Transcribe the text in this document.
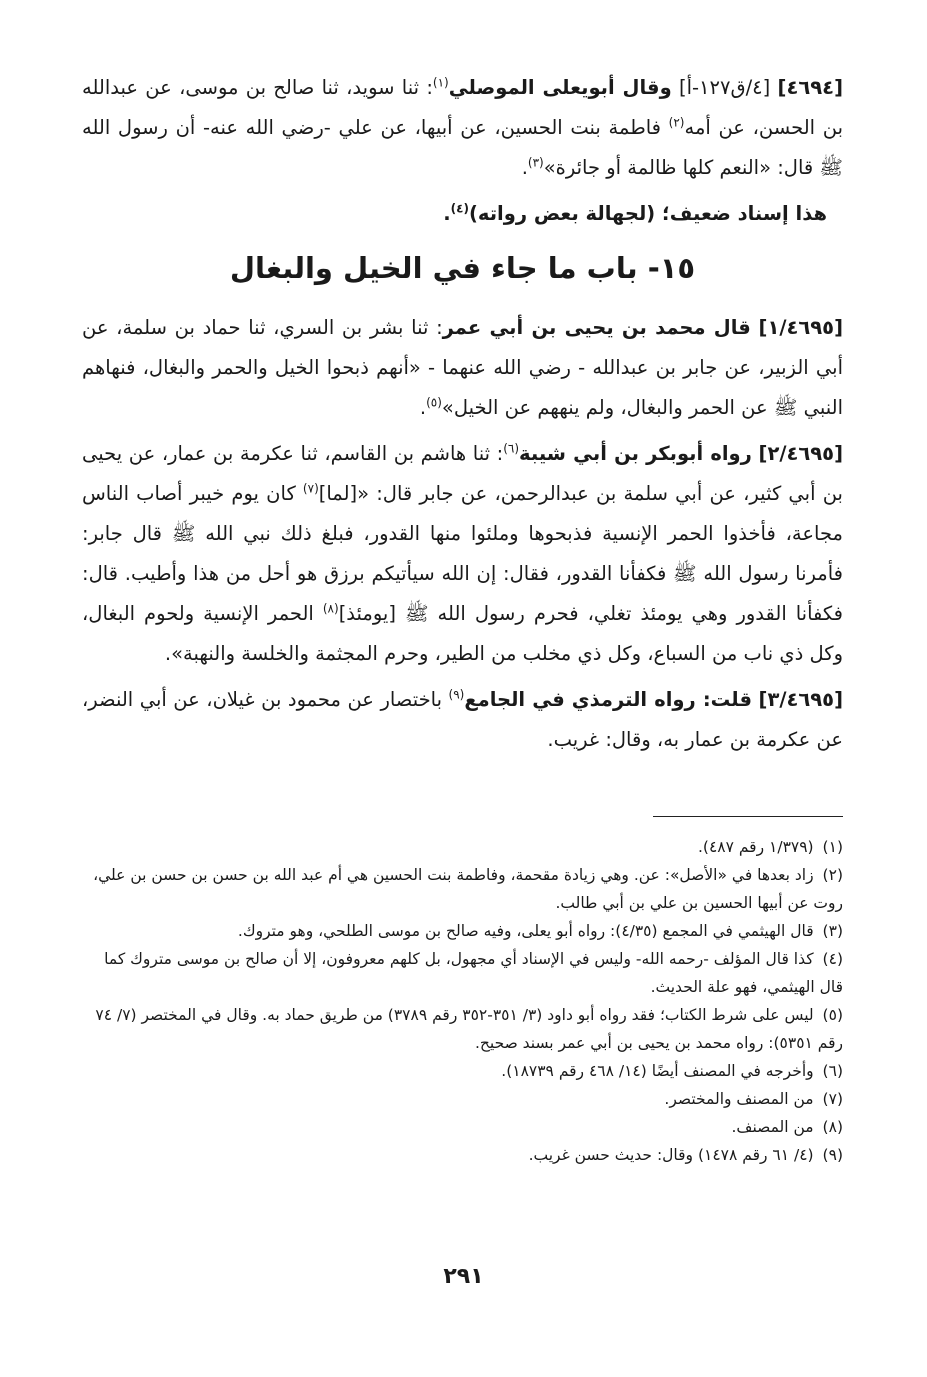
[٤٦٩٤] [٤/ق١٢٧-أ] وقال أبويعلى الموصلي$^{(١)}$: ثنا سويد، ثنا صالح بن موسى، عن عبدالله بن الحسن، عن أمه$^{(٢)}$ فاطمة بنت الحسين، عن أبيها، عن علي -رضي الله عنه- أن رسول الله ﷺ قال: «النعم كلها ظالمة أو جائرة»$^{(٣)}$.

هذا إسناد ضعيف؛ (لجهالة بعض رواته)$^{(٤)}$.

١٥- باب ما جاء في الخيل والبغال

[١/٤٦٩٥] قال محمد بن يحيى بن أبي عمر: ثنا بشر بن السري، ثنا حماد بن سلمة، عن أبي الزبير، عن جابر بن عبدالله - رضي الله عنهما - «أنهم ذبحوا الخيل والحمر والبغال، فنهاهم النبي ﷺ عن الحمر والبغال، ولم ينههم عن الخيل»$^{(٥)}$.

[٢/٤٦٩٥] رواه أبوبكر بن أبي شيبة$^{(٦)}$: ثنا هاشم بن القاسم، ثنا عكرمة بن عمار، عن يحيى بن أبي كثير، عن أبي سلمة بن عبدالرحمن، عن جابر قال: «[لما]$^{(٧)}$ كان يوم خيبر أصاب الناس مجاعة، فأخذوا الحمر الإنسية فذبحوها وملئوا منها القدور، فبلغ ذلك نبي الله ﷺ قال جابر: فأمرنا رسول الله ﷺ فكفأنا القدور، فقال: إن الله سيأتيكم برزق هو أحل من هذا وأطيب. قال: فكفأنا القدور وهي يومئذ تغلي، فحرم رسول الله ﷺ [يومئذ]$^{(٨)}$ الحمر الإنسية ولحوم البغال، وكل ذي ناب من السباع، وكل ذي مخلب من الطير، وحرم المجثمة والخلسة والنهبة».

[٣/٤٦٩٥] قلت: رواه الترمذي في الجامع$^{(٩)}$ باختصار عن محمود بن غيلان، عن أبي النضر، عن عكرمة بن عمار به، وقال: غريب.

(١) (١/٣٧٩ رقم ٤٨٧).
(٢) زاد بعدها في «الأصل»: عن. وهي زيادة مقحمة، وفاطمة بنت الحسين هي أم عبد الله بن حسن بن حسن بن علي، روت عن أبيها الحسين بن علي بن أبي طالب.
(٣) قال الهيثمي في المجمع (٤/٣٥): رواه أبو يعلى، وفيه صالح بن موسى الطلحي، وهو متروك.
(٤) كذا قال المؤلف -رحمه الله- وليس في الإسناد أي مجهول، بل كلهم معروفون، إلا أن صالح بن موسى متروك كما قال الهيثمي، فهو علة الحديث.
(٥) ليس على شرط الكتاب؛ فقد رواه أبو داود (٣/ ٣٥١-٣٥٢ رقم ٣٧٨٩) من طريق حماد به. وقال في المختصر (٧/ ٧٤ رقم ٥٣٥١): رواه محمد بن يحيى بن أبي عمر بسند صحيح.
(٦) وأخرجه في المصنف أيضًا (١٤/ ٤٦٨ رقم ١٨٧٣٩).
(٧) من المصنف والمختصر.
(٨) من المصنف.
(٩) (٤/ ٦١ رقم ١٤٧٨) وقال: حديث حسن غريب.
٢٩١
